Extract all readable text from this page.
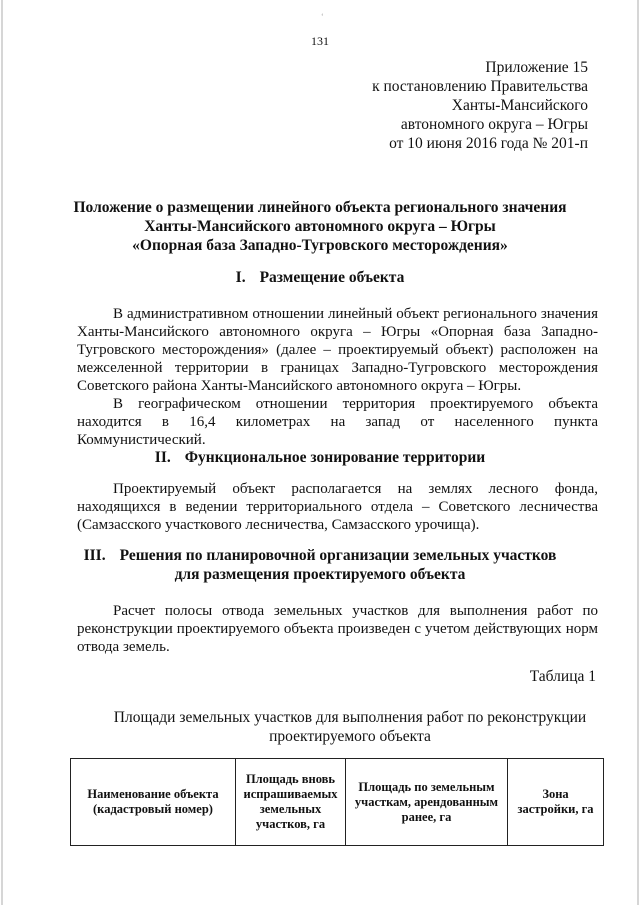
‘
131
Приложение 15
к постановлению Правительства
Ханты-Мансийского
автономного округа – Югры
от 10 июня 2016 года № 201-п
Положение о размещении линейного объекта регионального значения
Ханты-Мансийского автономного округа – Югры
«Опорная база Западно-Тугровского месторождения»
I. Размещение объекта

В административном отношении линейный объект регионального значения Ханты-Мансийского автономного округа – Югры «Опорная база Западно-Тугровского месторождения» (далее – проектируемый объект) расположен на межселенной территории в границах Западно-Тугровского месторождения Советского района Ханты-Мансийского автономного округа – Югры.

В географическом отношении территория проектируемого объекта находится в 16,4 километрах на запад от населенного пункта Коммунистический.

II. Функциональное зонирование территории

Проектируемый объект располагается на землях лесного фонда, находящихся в ведении территориального отдела – Советского лесничества (Самзасского участкового лесничества, Самзасского урочища).

III. Решения по планировочной организации земельных участков
для размещения проектируемого объекта

Расчет полосы отвода земельных участков для выполнения работ по реконструкции проектируемого объекта произведен с учетом действующих норм отвода земель.

Таблица 1
Площади земельных участков для выполнения работ по реконструкции
проектируемого объекта
Наименование объекта (кадастровый номер)	Площадь вновь испрашиваемых земельных участков, га	Площадь по земельным участкам, арендованным ранее, га	Зона застройки, га
